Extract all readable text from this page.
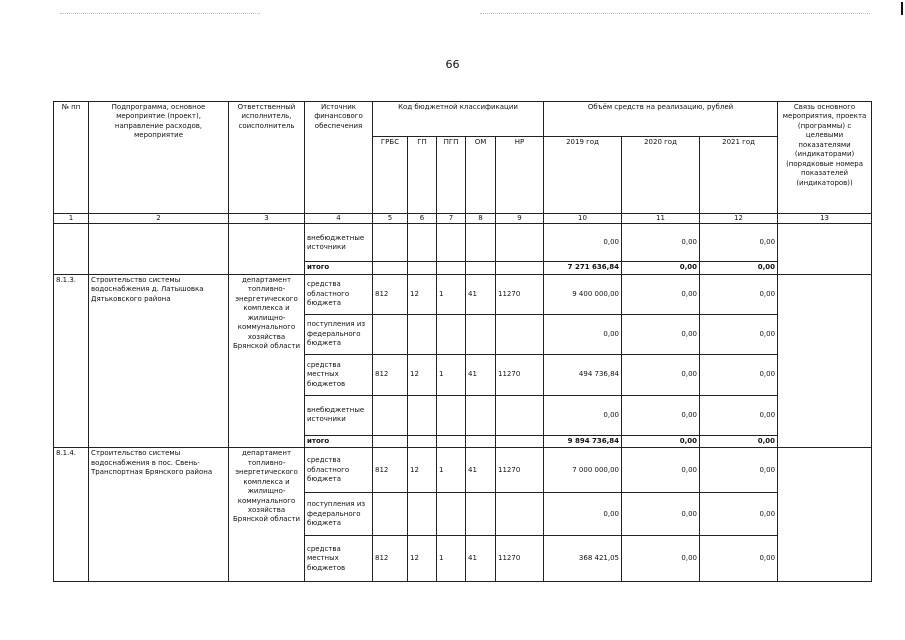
66
№ пп	Подпрограмма, основное мероприятие (проект), направление расходов, мероприятие	Ответственный исполнитель, соисполнитель	Источник финансового обеспечения	Код бюджетной классификации					Объём средств на реализацию, рублей			Связь основного мероприятия, проекта (программы) с целевыми показателями (индикаторами) (порядковые номера показателей (индикаторов))
				ГРБС	ГП	ПГП	ОМ	НР	2019 год	2020 год	2021 год	
1	2	3	4	5	6	7	8	9	10	11	12	13
			внебюджетные источники						0,00	0,00	0,00	
			итого						7 271 636,84	0,00	0,00	
8.1.3.	Строительство системы водоснабжения д. Латышовка Дятьковского района	департамент топливно-энергетического комплекса и жилищно-коммунального хозяйства Брянской области	средства областного бюджета	812	12	1	41	11270	9 400 000,00	0,00	0,00	
			поступления из федерального бюджета						0,00	0,00	0,00	
			средства местных бюджетов	812	12	1	41	11270	494 736,84	0,00	0,00	
			внебюджетные источники						0,00	0,00	0,00	
			итого						9 894 736,84	0,00	0,00	
8.1.4.	Строительство системы водоснабжения в пос. Свень-Транспортная Брянского района	департамент топливно-энергетического комплекса и жилищно-коммунального хозяйства Брянской области	средства областного бюджета	812	12	1	41	11270	7 000 000,00	0,00	0,00	
			поступления из федерального бюджета						0,00	0,00	0,00	
			средства местных бюджетов	812	12	1	41	11270	368 421,05	0,00	0,00	
